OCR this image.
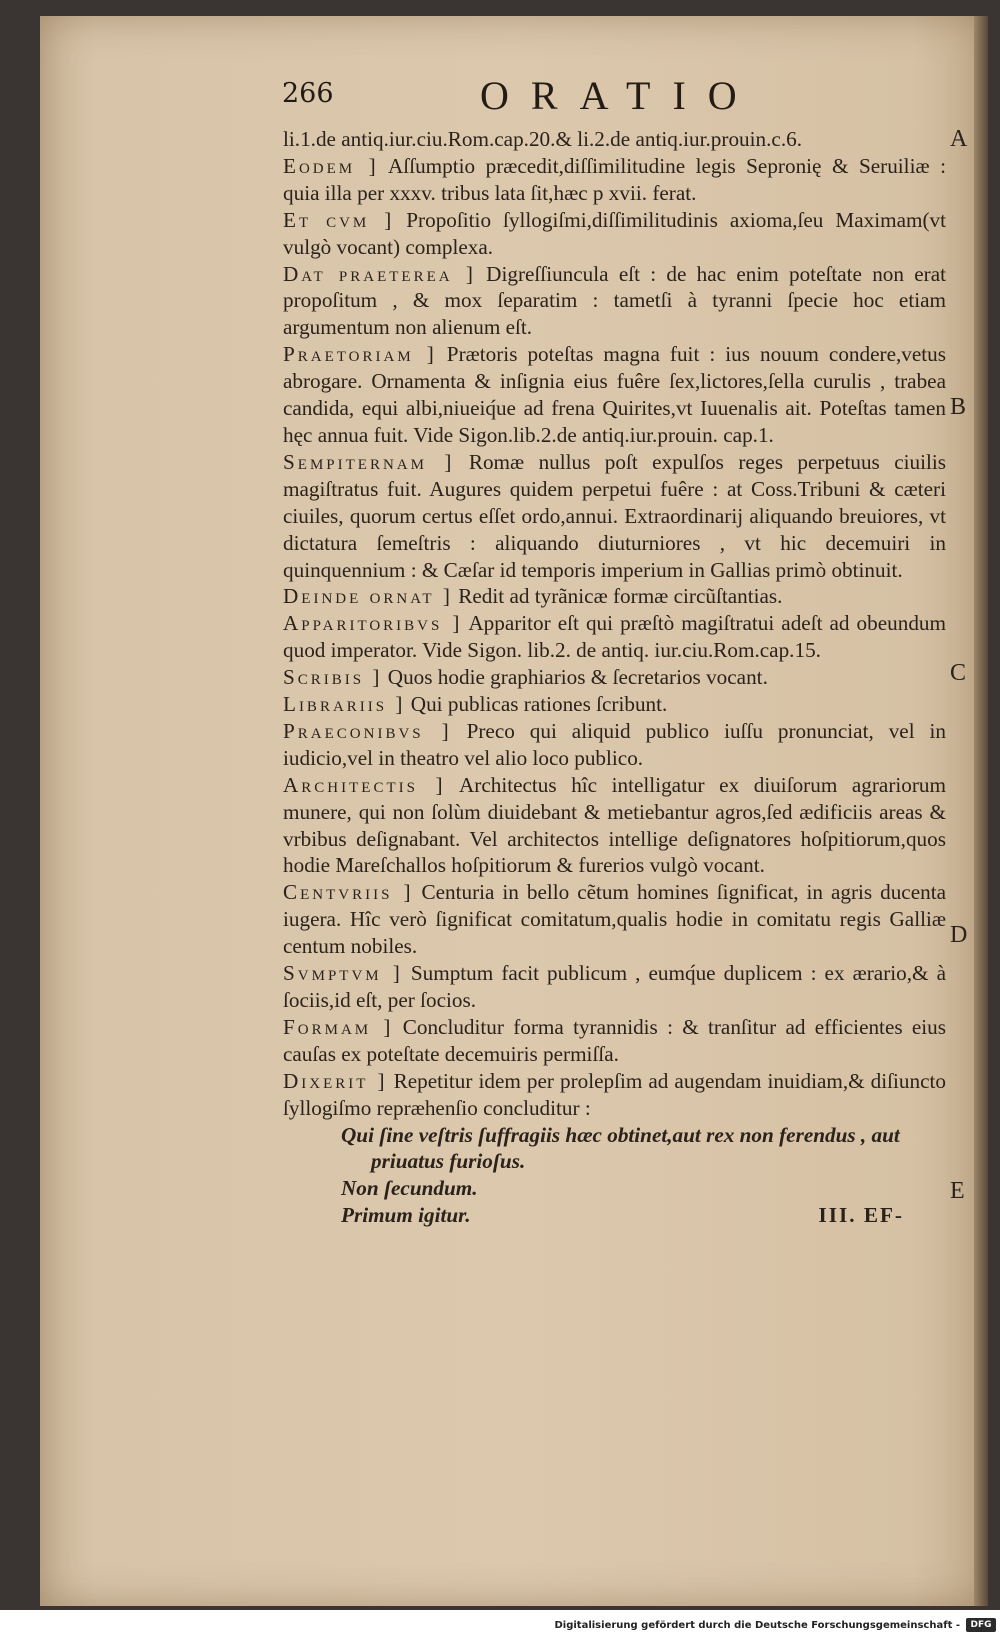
266	ORATIO

li.1.de antiq.iur.ciu.Rom.cap.20.& li.2.de antiq.iur.prouin.c.6.

Eodem ] Aſſumptio præcedit,diſſimilitudine legis Sepronię & Seruiliæ : quia illa per xxxv. tribus lata ſit,hæc p xvii. ferat.

Et cvm ] Propoſitio ſyllogiſmi,diſſimilitudinis axioma,ſeu Maximam(vt vulgò vocant) complexa.

Dat praeterea ] Digreſſiuncula eſt : de hac enim poteſtate non erat propoſitum , & mox ſeparatim : tametſi à tyranni ſpecie hoc etiam argumentum non alienum eſt.

Praetoriam ] Prætoris poteſtas magna fuit : ius nouum condere,vetus abrogare. Ornamenta & inſignia eius fuêre ſex,lictores,ſella curulis , trabea candida, equi albi,niueiq́ue ad frena Quirites,vt Iuuenalis ait. Poteſtas tamen hęc annua fuit. Vide Sigon.lib.2.de antiq.iur.prouin. cap.1.

Sempiternam ] Romæ nullus poſt expulſos reges perpetuus ciuilis magiſtratus fuit. Augures quidem perpetui fuêre : at Coss.Tribuni & cæteri ciuiles, quorum certus eſſet ordo,annui. Extraordinarij aliquando breuiores, vt dictatura ſemeſtris : aliquando diuturniores , vt hic decemuiri in quinquennium : & Cæſar id temporis imperium in Gallias primò obtinuit.

Deinde ornat ] Redit ad tyrãnicæ formæ circũſtantias.

Apparitoribvs ] Apparitor eſt qui præſtò magiſtratui adeſt ad obeundum quod imperator. Vide Sigon. lib.2. de antiq. iur.ciu.Rom.cap.15.

Scribis ] Quos hodie graphiarios & ſecretarios vocant.

Librariis ] Qui publicas rationes ſcribunt.

Praeconibvs ] Preco qui aliquid publico iuſſu pronunciat, vel in iudicio,vel in theatro vel alio loco publico.

Architectis ] Architectus hîc intelligatur ex diuiſorum agrariorum munere, qui non ſolùm diuidebant & metiebantur agros,ſed ædificiis areas & vrbibus deſignabant. Vel architectos intellige deſignatores hoſpitiorum,quos hodie Mareſchallos hoſpitiorum & furerios vulgò vocant.

Centvriis ] Centuria in bello cẽtum homines ſignificat, in agris ducenta iugera. Hîc verò ſignificat comitatum,qualis hodie in comitatu regis Galliæ centum nobiles.

Svmptvm ] Sumptum facit publicum , eumq́ue duplicem : ex ærario,& à ſociis,id eſt, per ſocios.

Formam ] Concluditur forma tyrannidis : & tranſitur ad efficientes eius cauſas ex poteſtate decemuiris permiſſa.

Dixerit ] Repetitur idem per prolepſim ad augendam inuidiam,& diſiuncto ſyllogiſmo repræhenſio concluditur :

Qui ſine veſtris ſuffragiis hæc obtinet,aut rex non ferendus , aut
priuatus furioſus.
Non ſecundum.
Primum igitur.	III. EF-
A
B
C
D
E
Digitalisierung gefördert durch die Deutsche Forschungsgemeinschaft -	DFG
